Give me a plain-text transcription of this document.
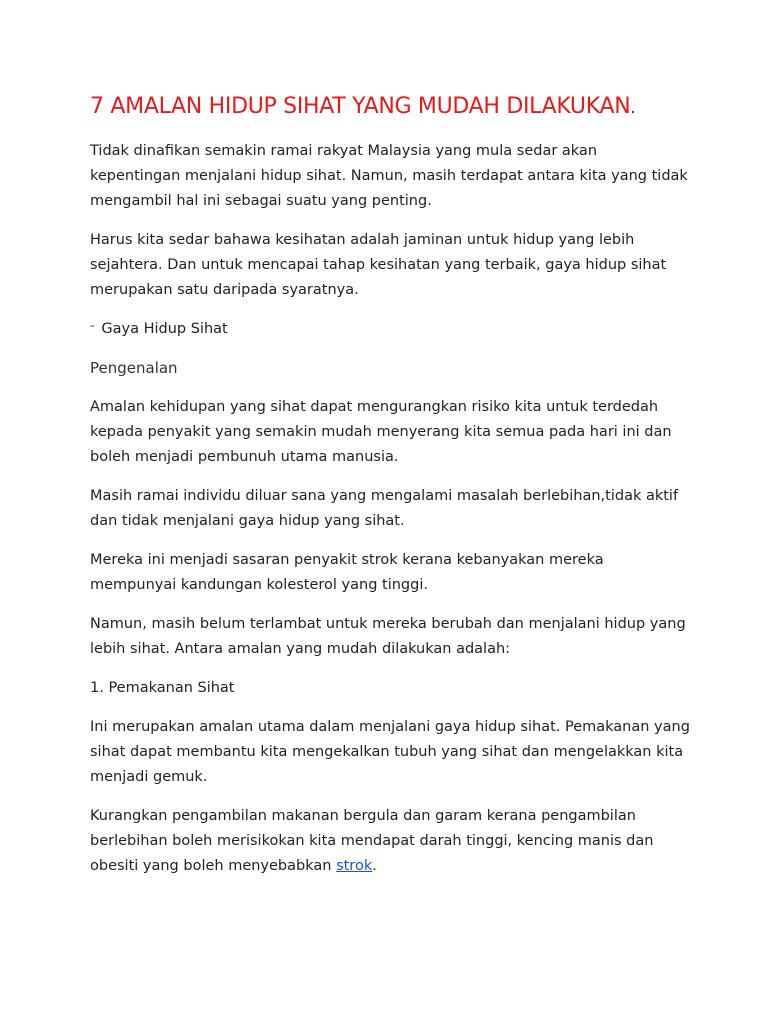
7 AMALAN HIDUP SIHAT YANG MUDAH DILAKUKAN.

Tidak dinafikan semakin ramai rakyat Malaysia yang mula sedar akan kepentingan menjalani hidup sihat. Namun, masih terdapat antara kita yang tidak mengambil hal ini sebagai suatu yang penting.

Harus kita sedar bahawa kesihatan adalah jaminan untuk hidup yang lebih sejahtera. Dan untuk mencapai tahap kesihatan yang terbaik, gaya hidup sihat merupakan satu daripada syaratnya.

⁼ Gaya Hidup Sihat

Pengenalan

Amalan kehidupan yang sihat dapat mengurangkan risiko kita untuk terdedah kepada penyakit yang semakin mudah menyerang kita semua pada hari ini dan boleh menjadi pembunuh utama manusia.

Masih ramai individu diluar sana yang mengalami masalah berlebihan,tidak aktif dan tidak menjalani gaya hidup yang sihat.

Mereka ini menjadi sasaran penyakit strok kerana kebanyakan mereka mempunyai kandungan kolesterol yang tinggi.

Namun, masih belum terlambat untuk mereka berubah dan menjalani hidup yang lebih sihat. Antara amalan yang mudah dilakukan adalah:

1. Pemakanan Sihat

Ini merupakan amalan utama dalam menjalani gaya hidup sihat. Pemakanan yang sihat dapat membantu kita mengekalkan tubuh yang sihat dan mengelakkan kita menjadi gemuk.

Kurangkan pengambilan makanan bergula dan garam kerana pengambilan berlebihan boleh merisikokan kita mendapat darah tinggi, kencing manis dan obesiti yang boleh menyebabkan strok.
